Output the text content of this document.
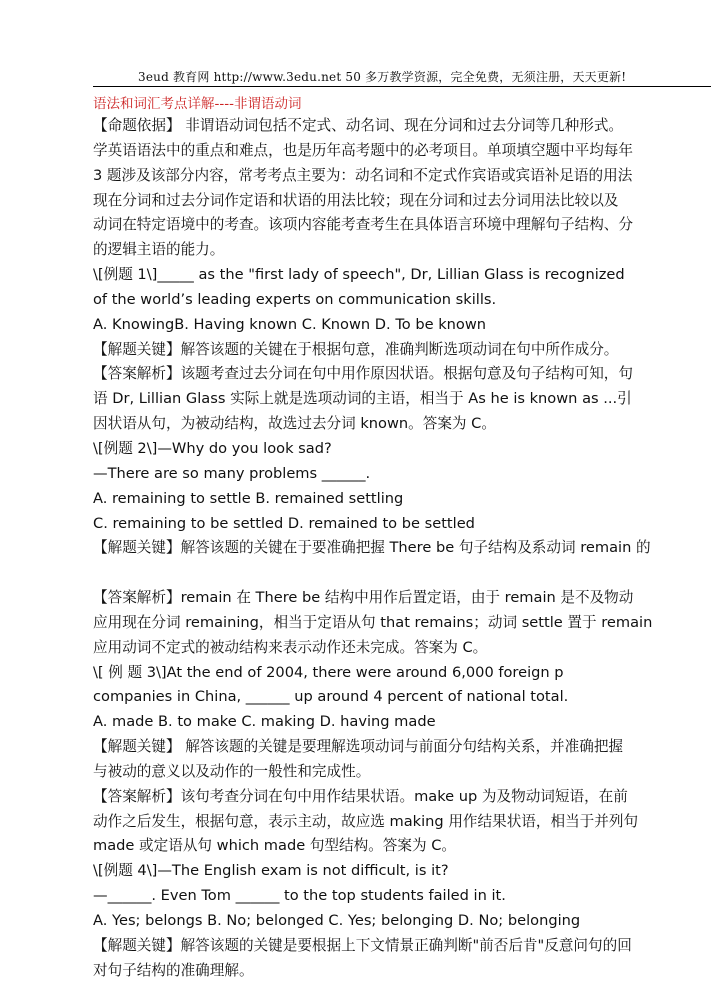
3eud 教育网 http://www.3edu.net 50 多万教学资源，完全免费，无须注册，天天更新!
语法和词汇考点详解----非谓语动词
【命题依据】 非谓语动词包括不定式、动名词、现在分词和过去分词等几种形式。
学英语语法中的重点和难点，也是历年高考题中的必考项目。单项填空题中平均每年
3 题涉及该部分内容，常考考点主要为：动名词和不定式作宾语或宾语补足语的用法
现在分词和过去分词作定语和状语的用法比较；现在分词和过去分词用法比较以及
动词在特定语境中的考查。该项内容能考查考生在具体语言环境中理解句子结构、分
的逻辑主语的能力。
\[例题 1\]_____ as the "first lady of speech", Dr, Lillian Glass is recognized
of the world’s leading experts on communication skills.
A. KnowingB. Having known C. Known D. To be known
【解题关键】解答该题的关键在于根据句意，准确判断选项动词在句中所作成分。
【答案解析】该题考查过去分词在句中用作原因状语。根据句意及句子结构可知，句
语 Dr, Lillian Glass 实际上就是选项动词的主语，相当于 As he is known as ...引
因状语从句，为被动结构，故选过去分词 known。答案为 C。
\[例题 2\]—Why do you look sad?
—There are so many problems ______.
A. remaining to settle B. remained settling
C. remaining to be settled D. remained to be settled
【解题关键】解答该题的关键在于要准确把握 There be 句子结构及系动词 remain 的
【答案解析】remain 在 There be 结构中用作后置定语，由于 remain 是不及物动
应用现在分词 remaining，相当于定语从句 that remains；动词 settle 置于 remain
应用动词不定式的被动结构来表示动作还未完成。答案为 C。
\[ 例 题 3\]At the end of 2004, there were around 6,000 foreign p
companies in China, ______ up around 4 percent of national total.
A. made B. to make C. making D. having made
【解题关键】 解答该题的关键是要理解选项动词与前面分句结构关系，并准确把握
与被动的意义以及动作的一般性和完成性。
【答案解析】该句考查分词在句中用作结果状语。make up 为及物动词短语，在前
动作之后发生，根据句意，表示主动，故应选 making 用作结果状语，相当于并列句
made 或定语从句 which made 句型结构。答案为 C。
\[例题 4\]—The English exam is not difficult, is it?
—______. Even Tom ______ to the top students failed in it.
A. Yes; belongs B. No; belonged C. Yes; belonging D. No; belonging
【解题关键】解答该题的关键是要根据上下文情景正确判断"前否后肯"反意问句的回
对句子结构的准确理解。
